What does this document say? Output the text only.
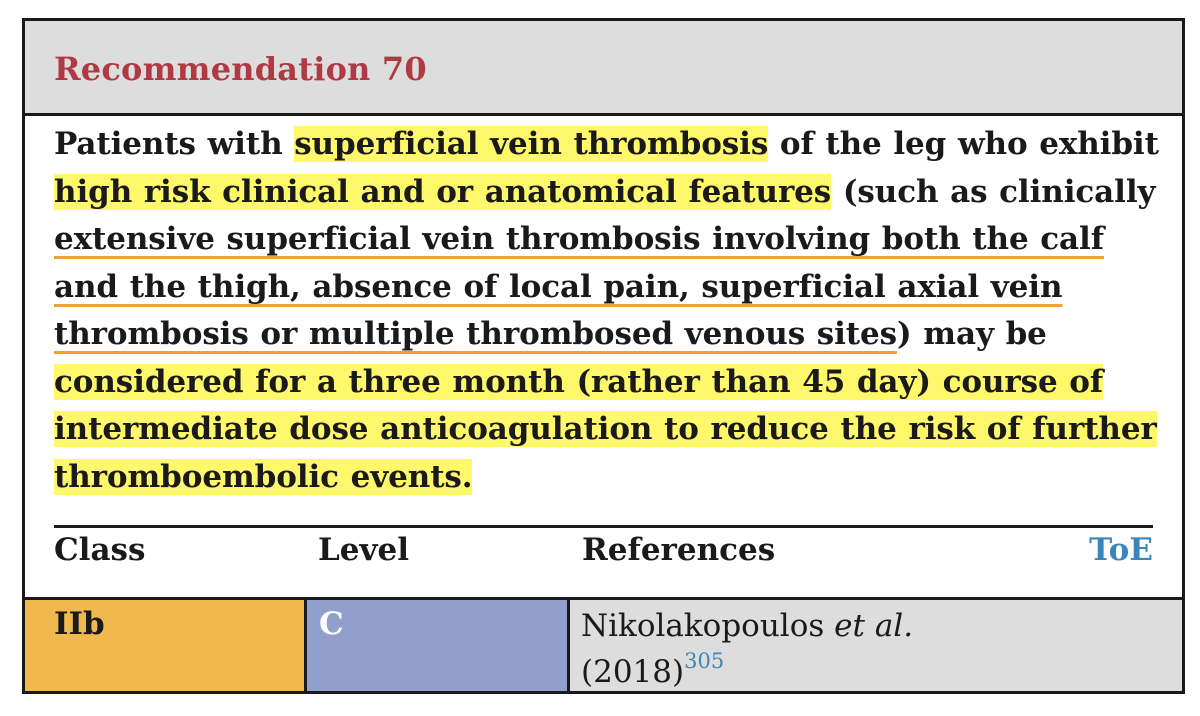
Recommendation 70
Patients with superficial vein thrombosis of the leg who exhibit high risk clinical and or anatomical features (such as clinically extensive superficial vein thrombosis involving both the calf and the thigh, absence of local pain, superficial axial vein thrombosis or multiple thrombosed venous sites) may be considered for a three month (rather than 45 day) course of intermediate dose anticoagulation to reduce the risk of further thromboembolic events.
Class	Level	References	ToE
IIb	C	Nikolakopoulos et al.
$(2018)^{305}$
